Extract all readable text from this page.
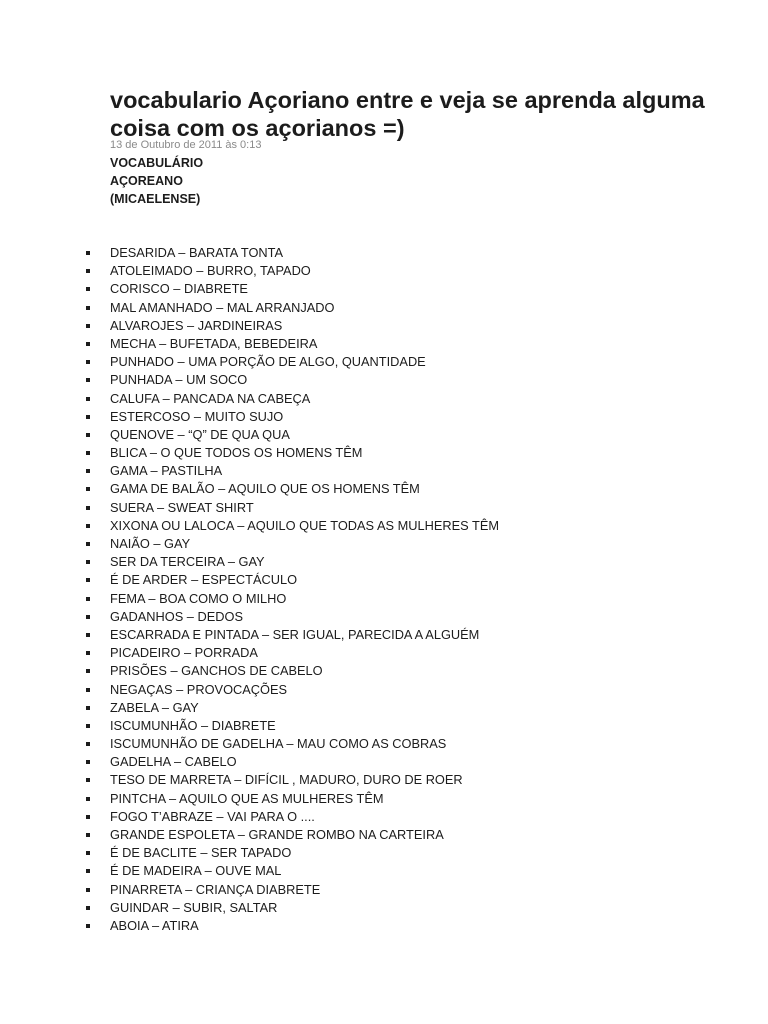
vocabulario Açoriano entre e veja se aprenda alguma coisa com os açorianos =)
13 de Outubro de 2011 às 0:13
VOCABULÁRIO
AÇOREANO
(MICAELENSE)
DESARIDA – BARATA TONTA
ATOLEIMADO – BURRO, TAPADO
CORISCO – DIABRETE
MAL AMANHADO – MAL ARRANJADO
ALVAROJES – JARDINEIRAS
MECHA – BUFETADA, BEBEDEIRA
PUNHADO – UMA PORÇÃO DE ALGO, QUANTIDADE
PUNHADA – UM SOCO
CALUFA – PANCADA NA CABEÇA
ESTERCOSO – MUITO SUJO
QUENOVE – “Q” DE QUA QUA
BLICA – O QUE TODOS OS HOMENS TÊM
GAMA – PASTILHA
GAMA DE BALÃO – AQUILO QUE OS HOMENS TÊM
SUERA – SWEAT SHIRT
XIXONA OU LALOCA – AQUILO QUE TODAS AS MULHERES TÊM
NAIÃO – GAY
SER DA TERCEIRA – GAY
É DE ARDER – ESPECTÁCULO
FEMA – BOA COMO O MILHO
GADANHOS – DEDOS
ESCARRADA E PINTADA – SER IGUAL, PARECIDA A ALGUÉM
PICADEIRO – PORRADA
PRISÕES – GANCHOS DE CABELO
NEGAÇAS – PROVOCAÇÕES
ZABELA – GAY
ISCUMUNHÃO – DIABRETE
ISCUMUNHÃO DE GADELHA – MAU COMO AS COBRAS
GADELHA – CABELO
TESO DE MARRETA – DIFÍCIL , MADURO, DURO DE ROER
PINTCHA – AQUILO QUE AS MULHERES TÊM
FOGO T’ABRAZE – VAI PARA O ....
GRANDE ESPOLETA – GRANDE ROMBO NA CARTEIRA
É DE BACLITE – SER TAPADO
É DE MADEIRA – OUVE MAL
PINARRETA – CRIANÇA DIABRETE
GUINDAR – SUBIR, SALTAR
ABOIA – ATIRA
